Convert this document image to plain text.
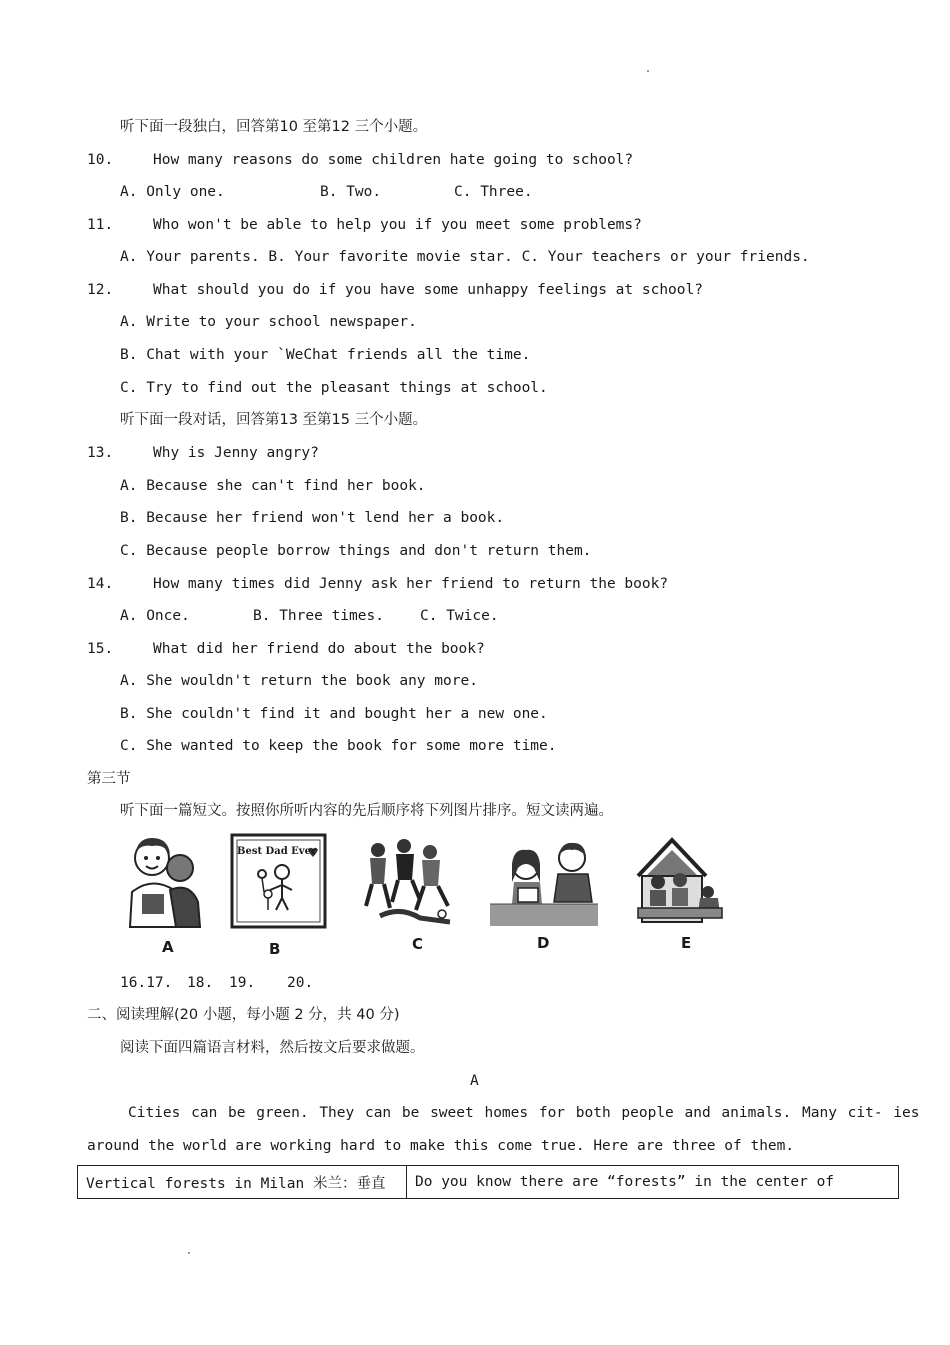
听下面一段独白，回答第10 至第12 三个小题。
10.	How many reasons do some children hate going to school?
A. Only one.	B. Two.	C. Three.
11.	Who won't be able to help you if you meet some problems?
A. Your parents. B. Your favorite movie star. C. Your teachers or your friends.
12.	What should you do if you have some unhappy feelings at school?
A. Write to your school newspaper.
B. Chat with your `WeChat friends all the time.
C. Try to find out the pleasant things at school.
听下面一段对话，回答第13 至第15 三个小题。
13.	Why is Jenny angry?
A. Because she can't find her book.
B. Because her friend won't lend her a book.
C. Because people borrow things and don't return them.
14.	How many times did Jenny ask her friend to return the book?
A. Once.	B. Three times. C. Twice.
15.	What did her friend do about the book?
A. She wouldn't return the book any more.
B. She couldn't find it and bought her a new one.
C. She wanted to keep the book for some more time.
第三节
听下面一篇短文。按照你所听内容的先后顺序将下列图片排序。短文读两遍。
A
Best Dad Ever
B	C	D	E
16.17. 18. 19. 20.
二、阅读理解(20 小题，每小题 2 分，共 40 分)
阅读下面四篇语言材料，然后按文后要求做题。
A
Cities can be green. They can be sweet homes for both people and animals. Many cit- ies
around the world are working hard to make this come true. Here are three of them.
Vertical forests in Milan 米兰：垂直	Do you know there are “forests” in the center of
